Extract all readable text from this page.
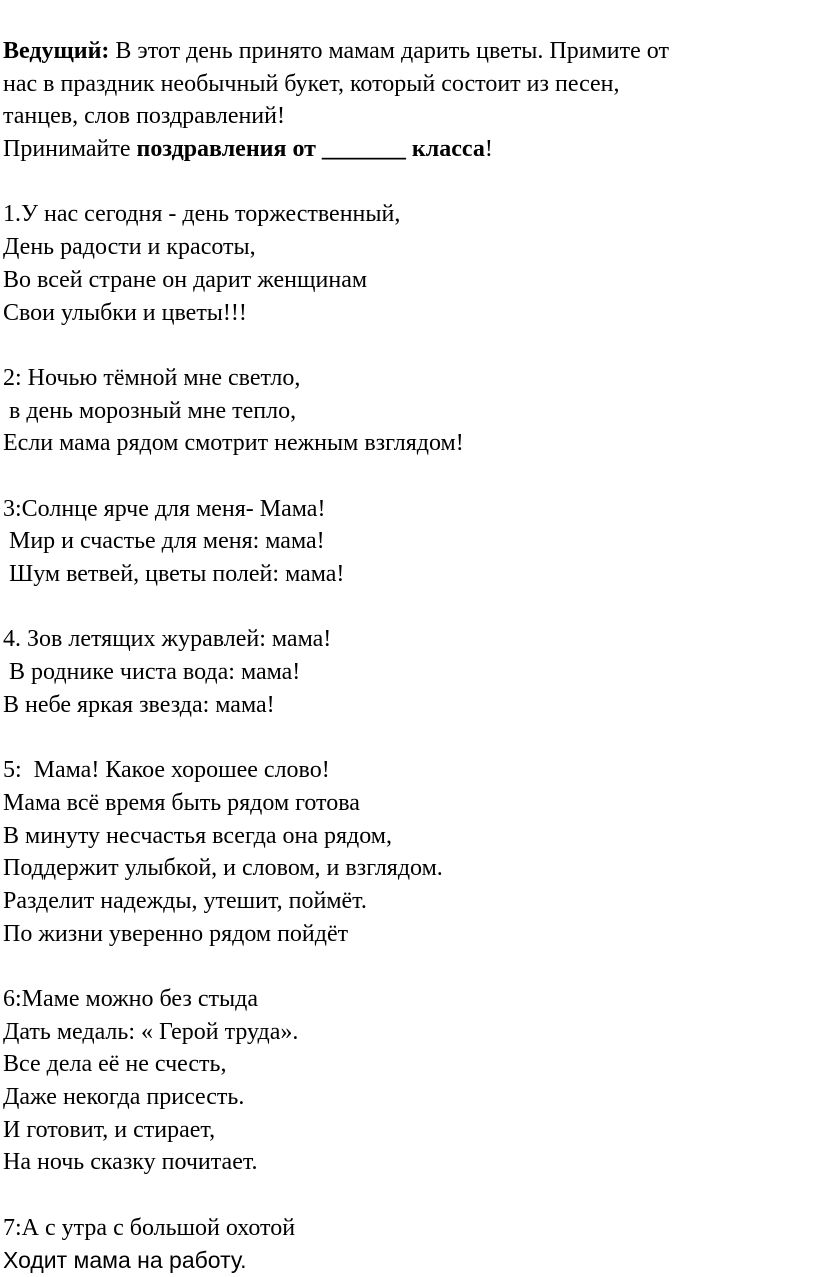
Ведущий: В этот день принято мамам дарить цветы. Примите от
нас в праздник необычный букет, который состоит из песен,
танцев, слов поздравлений!
Принимайте поздравления от _______ класса!
1.У нас сегодня - день торжественный,
День радости и красоты,
Во всей стране он дарит женщинам
Свои улыбки и цветы!!!
2: Ночью тёмной мне светло,
в день морозный мне тепло,
Если мама рядом смотрит нежным взглядом!
3:Солнце ярче для меня- Мама!
Мир и счастье для меня: мама!
Шум ветвей, цветы полей: мама!
4. Зов летящих журавлей: мама!
В роднике чиста вода: мама!
В небе яркая звезда: мама!
5:  Мама! Какое хорошее слово!
Мама всё время быть рядом готова
В минуту несчастья всегда она рядом,
Поддержит улыбкой, и словом, и взглядом.
Разделит надежды, утешит, поймёт.
По жизни уверенно рядом пойдёт
6:Маме можно без стыда
Дать медаль: « Герой труда».
Все дела её не счесть,
Даже некогда присесть.
И готовит, и стирает,
На ночь сказку почитает.
7:А с утра с большой охотой
Ходит мама на работу.
